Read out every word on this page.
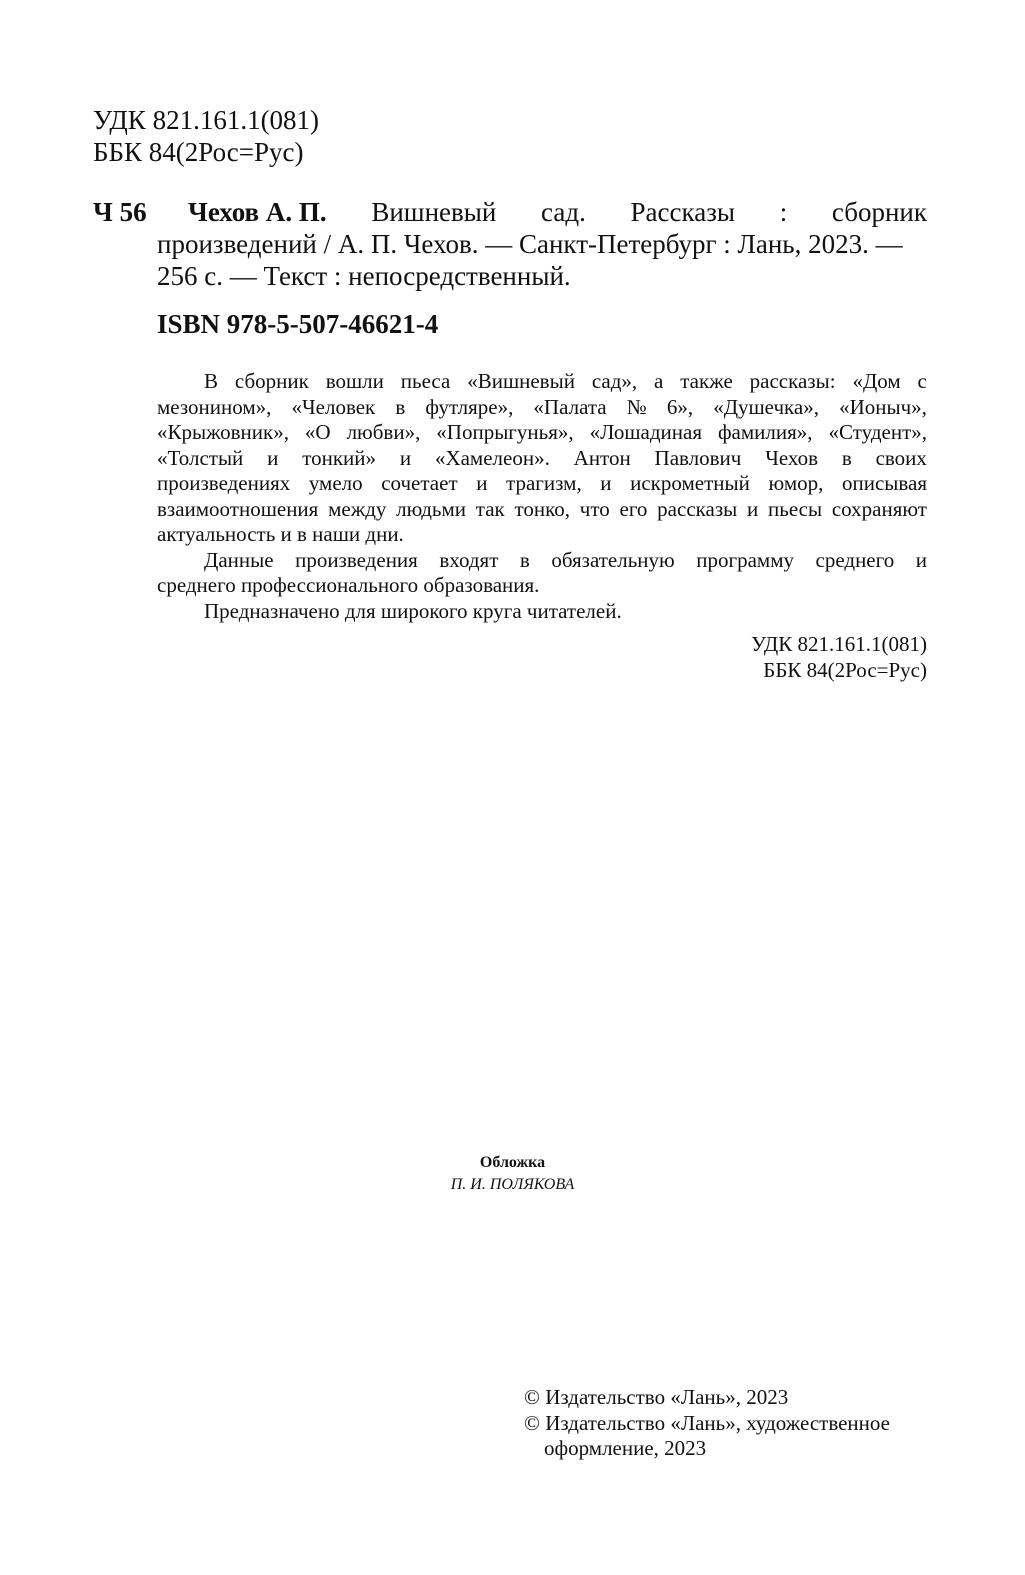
УДК 821.161.1(081)
ББК 84(2Рос=Рус)
Ч 56	Чехов А. П. Вишневый сад. Рассказы : сборник
произведений / А. П. Чехов. — Санкт-Петербург : Лань, 2023. —
256 с. — Текст : непосредственный.
ISBN 978-5-507-46621-4
В сборник вошли пьеса «Вишневый сад», а также рассказы: «Дом с
мезонином», «Человек в футляре», «Палата № 6», «Душечка», «Ионыч»,
«Крыжовник», «О любви», «Попрыгунья», «Лошадиная фамилия», «Студент»,
«Толстый и тонкий» и «Хамелеон». Антон Павлович Чехов в своих
произведениях умело сочетает и трагизм, и искрометный юмор, описывая
взаимоотношения между людьми так тонко, что его рассказы и пьесы сохраняют
актуальность и в наши дни.
Данные произведения входят в обязательную программу среднего и
среднего профессионального образования.
Предназначено для широкого круга читателей.
УДК 821.161.1(081)
ББК 84(2Рос=Рус)
Обложка
П. И. ПОЛЯКОВА
© Издательство «Лань», 2023
© Издательство «Лань», художественное
оформление, 2023
